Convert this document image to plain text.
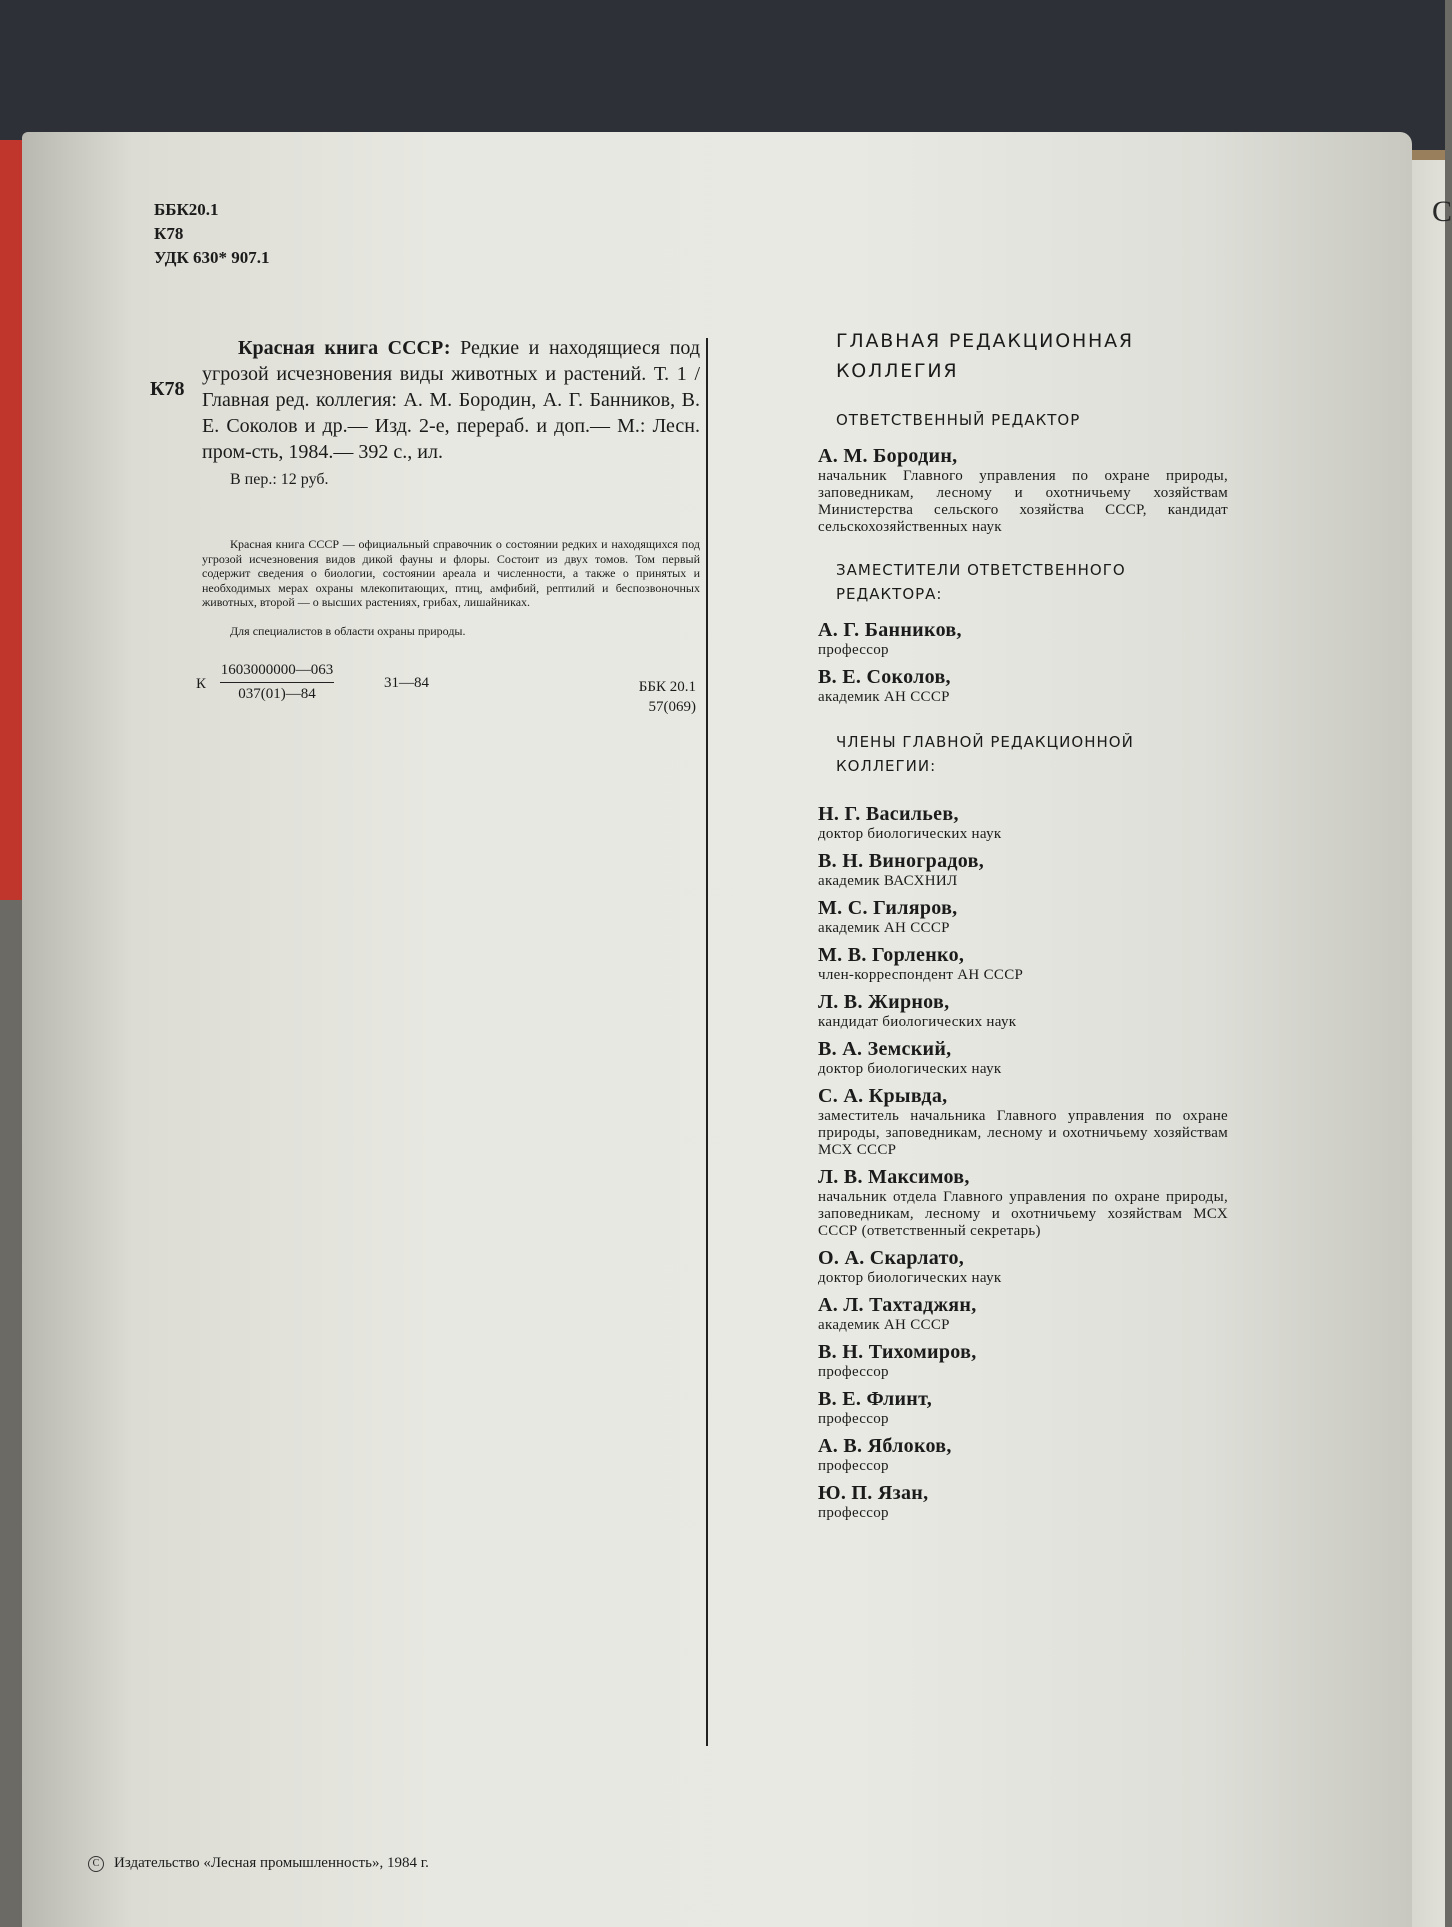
С
ББК20.1
К78
УДК 630* 907.1
К78

Красная книга СССР: Редкие и находящиеся под угрозой исчезновения виды животных и растений. Т. 1 / Главная ред. коллегия: А. М. Бородин, А. Г. Банников, В. Е. Соколов и др.— Изд. 2-е, перераб. и доп.— М.: Лесн. пром-сть, 1984.— 392 с., ил.

В пер.: 12 руб.

Красная книга СССР — официальный справочник о состоянии редких и находящихся под угрозой исчезновения видов дикой фауны и флоры. Состоит из двух томов. Том первый содержит сведения о биологии, состоянии ареала и численности, а также о принятых и необходимых мерах охраны млекопитающих, птиц, амфибий, рептилий и беспозвоночных животных, второй — о высших растениях, грибах, лишайниках.

Для специалистов в области охраны природы.

К $\frac{1603000000—063}{037(01)—84}$	31—84	ББК 20.1
57(069)
ГЛАВНАЯ РЕДАКЦИОННАЯ КОЛЛЕГИЯ
ОТВЕТСТВЕННЫЙ РЕДАКТОР
А. М. Бородин,
начальник Главного управления по охране природы, заповедникам, лесному и охотничьему хозяйствам Министерства сельского хозяйства СССР, кандидат сельскохозяйственных наук
ЗАМЕСТИТЕЛИ ОТВЕТСТВЕННОГО РЕДАКТОРА:
А. Г. Банников,
профессор
В. Е. Соколов,
академик АН СССР
ЧЛЕНЫ ГЛАВНОЙ РЕДАКЦИОННОЙ КОЛЛЕГИИ:
Н. Г. Васильев,
доктор биологических наук
В. Н. Виноградов,
академик ВАСХНИЛ
М. С. Гиляров,
академик АН СССР
М. В. Горленко,
член-корреспондент АН СССР
Л. В. Жирнов,
кандидат биологических наук
В. А. Земский,
доктор биологических наук
С. А. Крывда,
заместитель начальника Главного управления по охране природы, заповедникам, лесному и охотничьему хозяйствам МСХ СССР
Л. В. Максимов,
начальник отдела Главного управления по охране природы, заповедникам, лесному и охотничьему хозяйствам МСХ СССР (ответственный секретарь)
О. А. Скарлато,
доктор биологических наук
А. Л. Тахтаджян,
академик АН СССР
В. Н. Тихомиров,
профессор
В. Е. Флинт,
профессор
А. В. Яблоков,
профессор
Ю. П. Язан,
профессор
С Издательство «Лесная промышленность», 1984 г.
